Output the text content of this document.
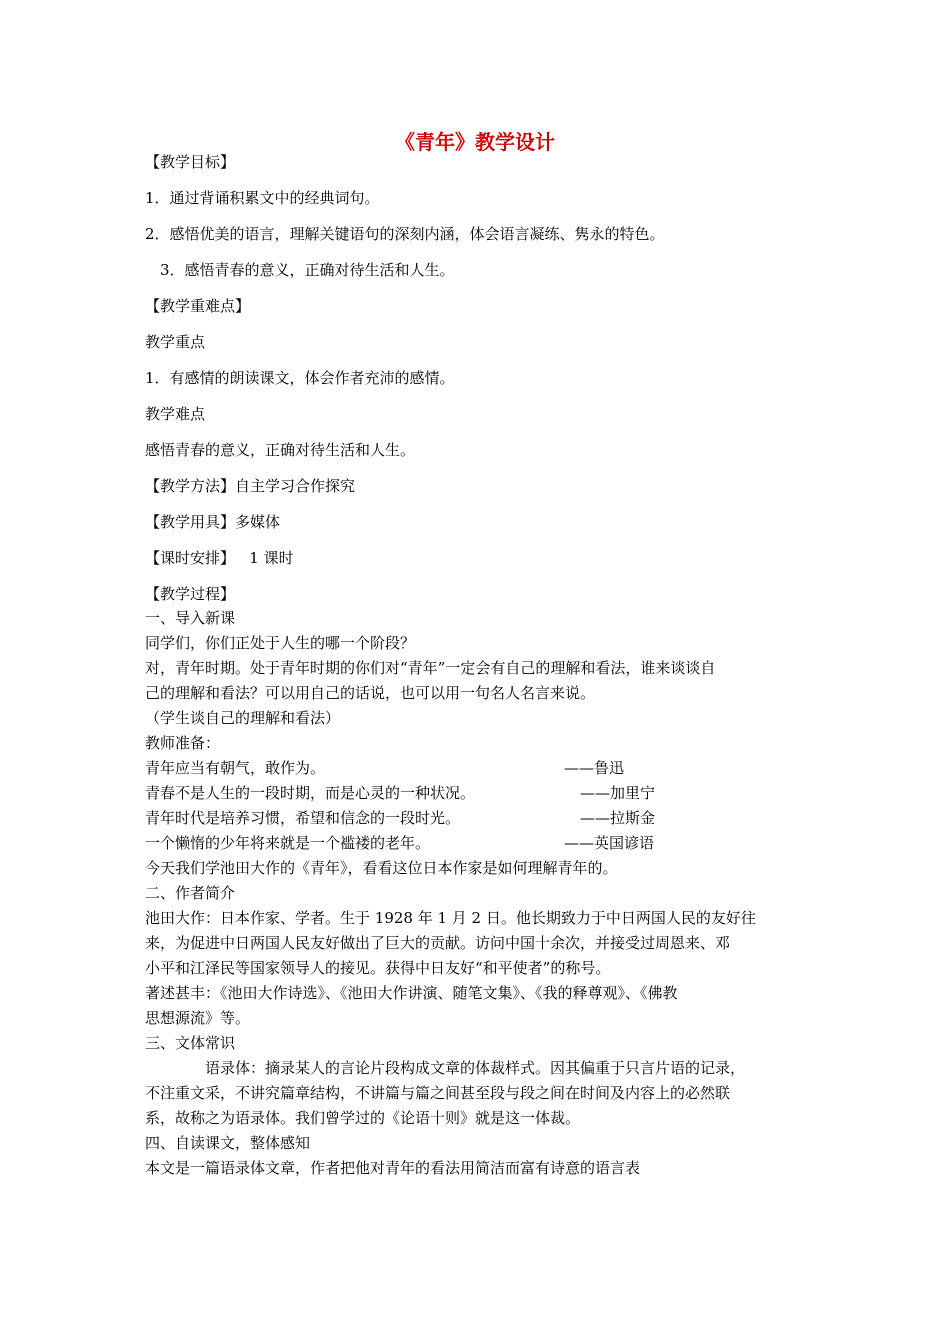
《青年》教学设计
【教学目标】
1．通过背诵积累文中的经典词句。
2．感悟优美的语言，理解关键语句的深刻内涵，体会语言凝练、隽永的特色。
3．感悟青春的意义，正确对待生活和人生。
【教学重难点】
教学重点
1．有感情的朗读课文，体会作者充沛的感情。
教学难点
感悟青春的意义，正确对待生活和人生。
【教学方法】自主学习合作探究
【教学用具】多媒体
【课时安排】   1 课时
【教学过程】
一、导入新课
同学们，你们正处于人生的哪一个阶段？
对，青年时期。处于青年时期的你们对“青年”一定会有自己的理解和看法，谁来谈谈自
己的理解和看法？可以用自己的话说，也可以用一句名人名言来说。
（学生谈自己的理解和看法）
教师准备：
青年应当有朝气，敢作为。	——鲁迅
青春不是人生的一段时期，而是心灵的一种状况。	——加里宁
青年时代是培养习惯，希望和信念的一段时光。	——拉斯金
一个懒惰的少年将来就是一个褴褛的老年。	——英国谚语
今天我们学池田大作的《青年》，看看这位日本作家是如何理解青年的。
二、作者简介
池田大作：日本作家、学者。生于 1928 年 1 月 2 日。他长期致力于中日两国人民的友好往
来，为促进中日两国人民友好做出了巨大的贡献。访问中国十余次，并接受过周恩来、邓
小平和江泽民等国家领导人的接见。获得中日友好“和平使者”的称号。
著述甚丰：《池田大作诗选》、《池田大作讲演、随笔文集》、《我的释尊观》、《佛教
思想源流》等。
三、文体常识
语录体：摘录某人的言论片段构成文章的体裁样式。因其偏重于只言片语的记录，
不注重文采，不讲究篇章结构，不讲篇与篇之间甚至段与段之间在时间及内容上的必然联
系，故称之为语录体。我们曾学过的《论语十则》就是这一体裁。
四、自读课文，整体感知
本文是一篇语录体文章，作者把他对青年的看法用简洁而富有诗意的语言表
